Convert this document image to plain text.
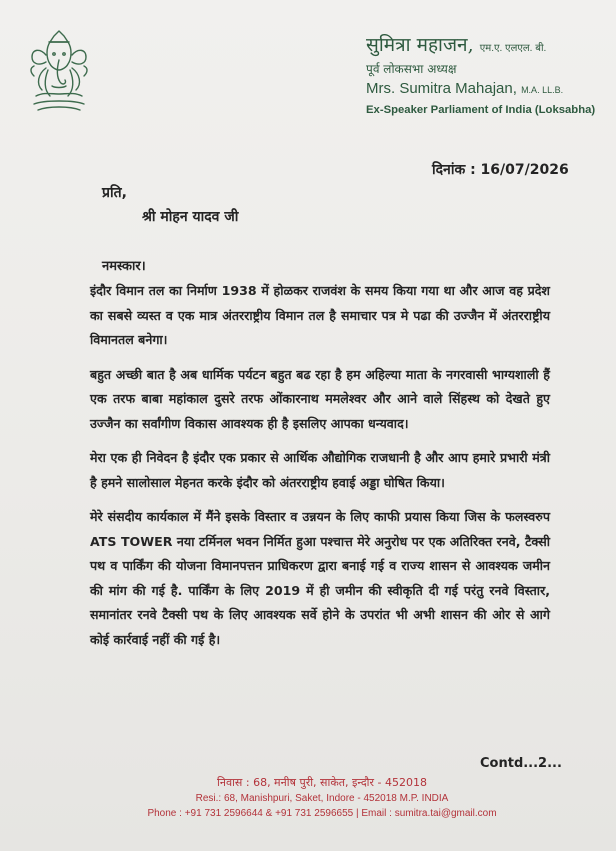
सुमित्रा महाजन, एम.ए. एलएल. बी.
पूर्व लोकसभा अध्यक्ष
Mrs. Sumitra Mahajan, M.A. LL.B.
Ex-Speaker Parliament of India (Loksabha)
दिनांक : 16/07/2026
प्रति,
श्री मोहन यादव जी
नमस्कार।

इंदौर विमान तल का निर्माण 1938 में होळकर राजवंश के समय किया गया था और आज वह प्रदेश का सबसे व्यस्त व एक मात्र अंतरराष्ट्रीय विमान तल है समाचार पत्र मे पढा की उज्जैन में अंतरराष्ट्रीय विमानतल बनेगा।

बहुत अच्छी बात है अब धार्मिक पर्यटन बहुत बढ रहा है हम अहिल्या माता के नगरवासी भाग्यशाली हैं एक तरफ बाबा महांकाल दुसरे तरफ ओंकारनाथ ममलेश्वर और आने वाले सिंहस्थ को देखते हुए उज्जैन का सर्वांगीण विकास आवश्यक ही है इसलिए आपका धन्यवाद।

मेरा एक ही निवेदन है इंदौर एक प्रकार से आर्थिक औद्योगिक राजधानी है और आप हमारे प्रभारी मंत्री है हमने सालोसाल मेहनत करके इंदौर को अंतरराष्ट्रीय हवाई अड्डा घोषित किया।

मेरे संसदीय कार्यकाल में मैंने इसके विस्तार व उन्नयन के लिए काफी प्रयास किया जिस के फलस्वरुप ATS TOWER नया टर्मिनल भवन निर्मित हुआ पश्चात्त मेरे अनुरोध पर एक अतिरिक्त रनवे, टैक्सी पथ व पार्किंग की योजना विमानपत्तन प्राधिकरण द्वारा बनाई गई व राज्य शासन से आवश्यक जमीन की मांग की गई है. पार्किंग के लिए 2019 में ही जमीन की स्वीकृति दी गई परंतु रनवे विस्तार, समानांतर रनवे टैक्सी पथ के लिए आवश्यक सर्वे होने के उपरांत भी अभी शासन की ओर से आगे कोई कार्रवाई नहीं की गई है।

Contd...2...
निवास : 68, मनीष पुरी, साकेत, इन्दौर - 452018
Resi.: 68, Manishpuri, Saket, Indore - 452018 M.P. INDIA
Phone : +91 731 2596644 & +91 731 2596655 | Email : sumitra.tai@gmail.com
